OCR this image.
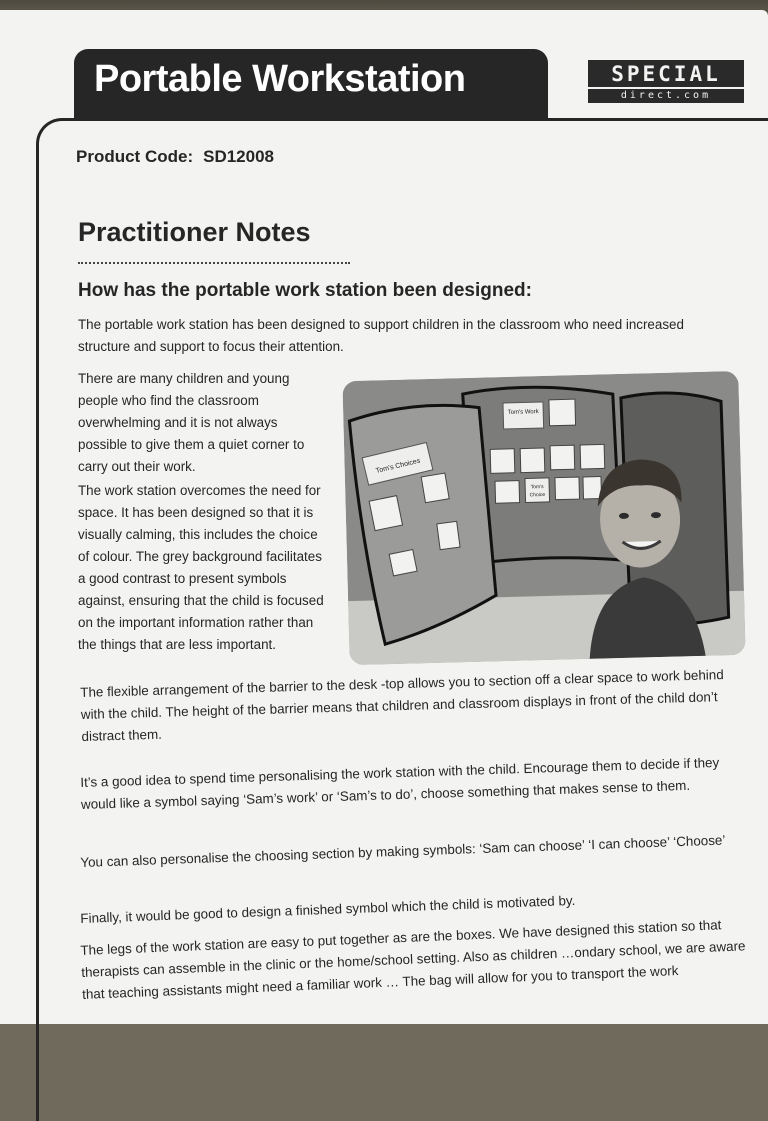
Portable Workstation	SPECIAL
direct.com
Product Code: SD12008
Practitioner Notes
How has the portable work station been designed:

The portable work station has been designed to support children in the classroom who need increased structure and support to focus their attention.

There are many children and young people who find the classroom overwhelming and it is not always possible to give them a quiet corner to carry out their work.

The work station overcomes the need for space. It has been designed so that it is visually calming, this includes the choice of colour. The grey background facilitates a good contrast to present symbols against, ensuring that the child is focused on the important information rather than the things that are less important.

Tom's Choices
Tom's Work
Tom's
Choice

The flexible arrangement of the barrier to the desk -top allows you to section off a clear space to work behind with the child. The height of the barrier means that children and classroom displays in front of the child don’t distract them.

It’s a good idea to spend time personalising the work station with the child. Encourage them to decide if they would like a symbol saying ‘Sam’s work’ or ‘Sam’s to do’, choose something that makes sense to them.

You can also personalise the choosing section by making symbols: ‘Sam can choose’ ‘I can choose’ ‘Choose’

Finally, it would be good to design a finished symbol which the child is motivated by.

The legs of the work station are easy to put together as are the boxes. We have designed this station so that therapists can assemble in the clinic or the home/school setting. Also as children …ondary school, we are aware that teaching assistants might need a familiar work … The bag will allow for you to transport the work
